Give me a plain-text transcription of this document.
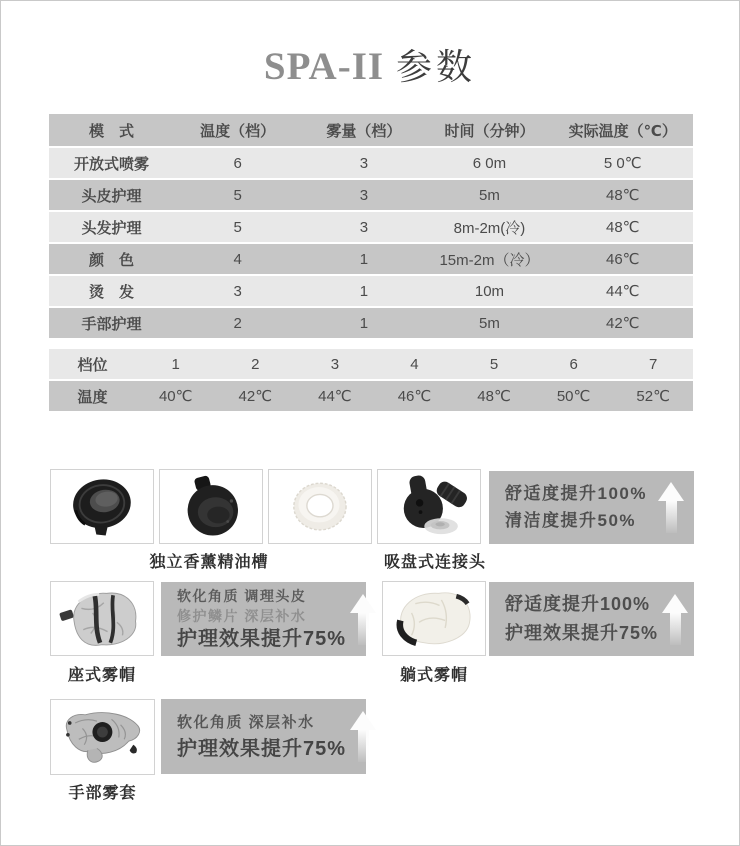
SPA-II 参数
模　式	温度（档）	雾量（档）	时间（分钟）	实际温度（℃）
开放式喷雾	6	3	6 0m	5 0℃
头皮护理	5	3	5m	48℃
头发护理	5	3	8m-2m(冷)	48℃
颜　色	4	1	15m-2m（冷）	46℃
烫　发	3	1	10m	44℃
手部护理	2	1	5m	42℃
档位	1	2	3	4	5	6	7
温度	40℃	42℃	44℃	46℃	48℃	50℃	52℃
独立香薰精油槽	吸盘式连接头
舒适度提升100%
清洁度提升50%
软化角质 调理头皮
修护鳞片 深层补水
护理效果提升75%
舒适度提升100%
护理效果提升75%
座式雾帽	躺式雾帽
软化角质 深层补水
护理效果提升75%
手部雾套
